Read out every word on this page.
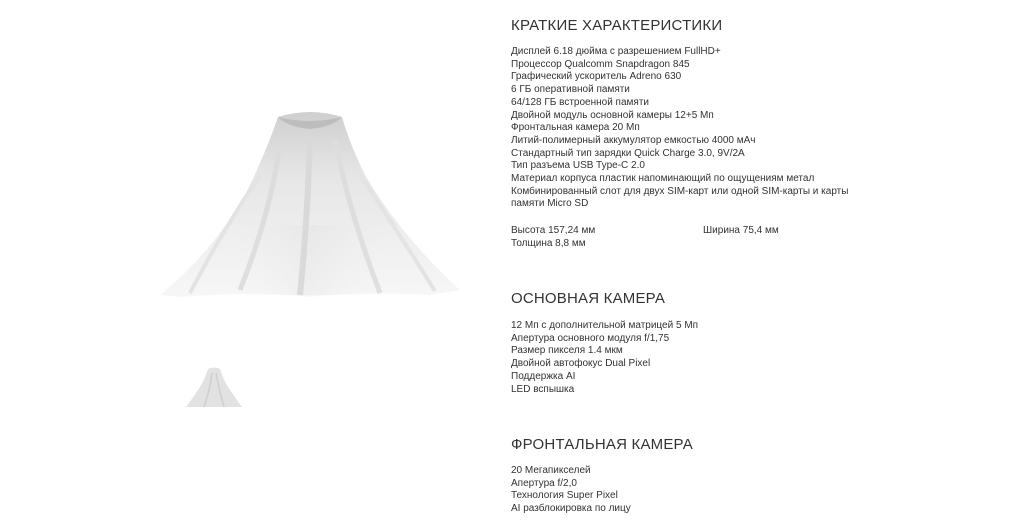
КРАТКИЕ ХАРАКТЕРИСТИКИ
Дисплей 6.18 дюйма с разрешением FullHD+
Процессор Qualcomm Snapdragon 845
Графический ускоритель Adreno 630
6 ГБ оперативной памяти
64/128 ГБ встроенной памяти
Двойной модуль основной камеры 12+5 Мп
Фронтальная камера 20 Мп
Литий-полимерный аккумулятор емкостью 4000 мАч
Стандартный тип зарядки Quick Charge 3.0, 9V/2A
Тип разъема USB Type-C 2.0
Материал корпуса пластик напоминающий по ощущениям метал
Комбинированный слот для двух SIM-карт или одной SIM-карты и карты памяти Micro SD
Высота 157,24 мм	Ширина 75,4 мм
Толщина 8,8 мм
ОСНОВНАЯ КАМЕРА
12 Мп с дополнительной матрицей 5 Мп
Апертура основного модуля f/1,75
Размер пикселя 1.4 мкм
Двойной автофокус Dual Pixel
Поддержка AI
LED вспышка
ФРОНТАЛЬНАЯ КАМЕРА
20 Мегапикселей
Апертура f/2,0
Технология Super Pixel
AI разблокировка по лицу
